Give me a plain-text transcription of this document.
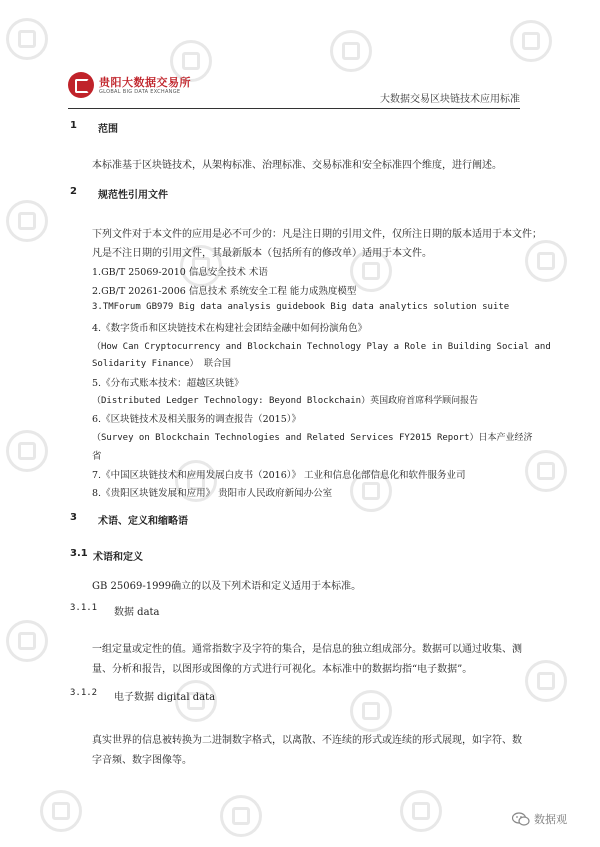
贵阳大数据交易所
GLOBAL BIG DATA EXCHANGE
大数据交易区块链技术应用标准
1 范围
本标准基于区块链技术，从架构标准、治理标准、交易标准和安全标准四个维度，进行阐述。
2 规范性引用文件
下列文件对于本文件的应用是必不可少的：凡是注日期的引用文件，仅所注日期的版本适用于本文件；
凡是不注日期的引用文件，其最新版本（包括所有的修改单）适用于本文件。
1.GB/T 25069-2010 信息安全技术 术语
2.GB/T 20261-2006 信息技术 系统安全工程 能力成熟度模型
3.TMForum GB979 Big data analysis guidebook Big data analytics solution suite
4.《数字货币和区块链技术在构建社会团结金融中如何扮演角色》
（How Can Cryptocurrency and Blockchain Technology Play a Role in Building Social and
Solidarity Finance） 联合国
5.《分布式账本技术：超越区块链》
（Distributed Ledger Technology: Beyond Blockchain）英国政府首席科学顾问报告
6.《区块链技术及相关服务的调查报告（2015）》
（Survey on Blockchain Technologies and Related Services FY2015 Report）日本产业经济
省
7.《中国区块链技术和应用发展白皮书（2016）》 工业和信息化部信息化和软件服务业司
8.《贵阳区块链发展和应用》 贵阳市人民政府新闻办公室
3 术语、定义和缩略语
3.1 术语和定义
GB 25069-1999确立的以及下列术语和定义适用于本标准。
3.1.1 数据 data
一组定量或定性的值。通常指数字及字符的集合，是信息的独立组成部分。数据可以通过收集、测
量、分析和报告，以图形或图像的方式进行可视化。本标准中的数据均指“电子数据”。
3.1.2 电子数据 digital data
真实世界的信息被转换为二进制数字格式，以离散、不连续的形式或连续的形式展现，如字符、数
字音频、数字图像等。
数据观
